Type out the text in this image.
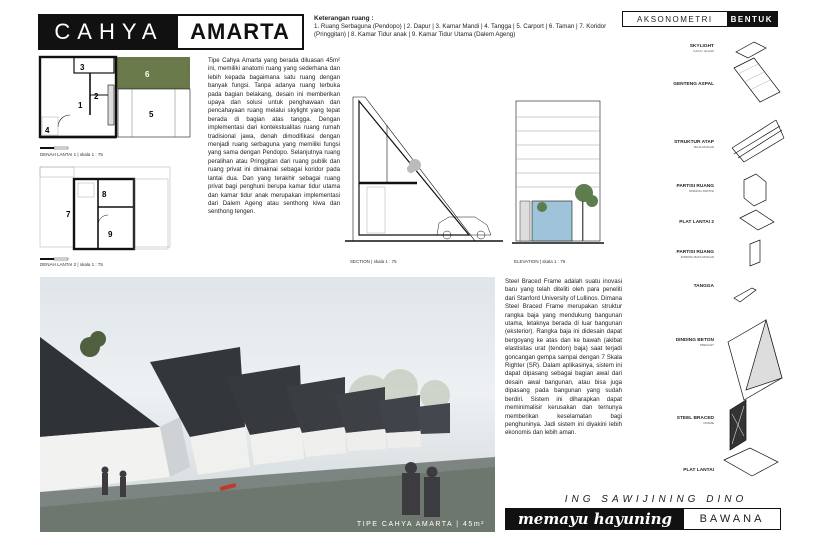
CAHYA	AMARTA
Keterangan ruang :
1. Ruang Serbaguna (Pendopo) | 2. Dapur | 3. Kamar Mandi | 4. Tangga | 5. Carport | 6. Taman | 7. Koridor (Pringgitan) | 8. Kamar Tidur anak | 9. Kamar Tidur Utama (Dalem Ageng)
AKSONOMETRI	BENTUK
1
2
3
4
5
6
DENAH LANTAI 1 | skala 1 : 75
7
8
9
DENAH LANTAI 2 | skala 1 : 75
Tipe Cahya Amarta yang berada diluasan 45m² ini, memiliki anatomi ruang yang sederhana dan lebih kepada bagaimana satu ruang dengan banyak fungsi. Tanpa adanya ruang terbuka pada bagian belakang, desain ini memberikan upaya dan solusi untuk penghawaan dan pencahayaan ruang melalui skylight yang tepat berada di bagian atas tangga. Dengan implementasi dari kontekstualitas ruang rumah tradisional jawa, denah dimodifikasi dengan menjadi ruang serbaguna yang memiliki fungsi yang sama dengan Pendopo. Selanjutnya ruang peralihan atau Pringgitan dari ruang publik dan ruang privat ini dimaknai sebagai koridor pada lantai dua. Dan yang terakhir sebagai ruang privat bagi penghuni berupa kamar tidur utama dan kamar tidur anak merupakan implementasi dari Dalem Ageng atau senthong kiwa dan senthong tengen.
SECTION | skala 1 : 75	ELEVATION | skala 1 : 75
SKYLIGHT
KACA / GLASS
GENTENG ASPAL
STRUKTUR ATAP
BAJA RINGAN
PARTISI RUANG
DINDING PARTISI
PLAT LANTAI 2
PARTISI RUANG
DINDING BATA RINGAN
TANGGA
DINDING BETON
PRECAST
STEEL BRACED
FRAME
PLAT LANTAI
Steel Braced Frame adalah suatu inovasi baru yang telah diteliti oleh para peneliti dari Stanford University of Lullinos. Dimana Steel Braced Frame merupakan struktur rangka baja yang mendukung bangunan utama, letaknya berada di luar bangunan (eksterior). Rangka baja ini didesain dapat bergoyang ke atas dan ke bawah (akibat elastisitas urat (tendon) baja) saat terjadi goncangan gempa sampai dengan 7 Skala Righter (SR). Dalam aplikasinya, sistem ini dapat dipasang sebagai bagian awal dari desain awal bangunan, atau bisa juga dipasang pada bangunan yang sudah berdiri. Sistem ini diharapkan dapat meminimalisir kerusakan dan ternunya memberikan keselamatan bagi penghuninya. Jadi sistem ini diyakini lebih ekonomis dan lebih aman.
TIPE CAHYA AMARTA | 45m²
ING SAWIJINING DINO
memayu hayuning	BAWANA
